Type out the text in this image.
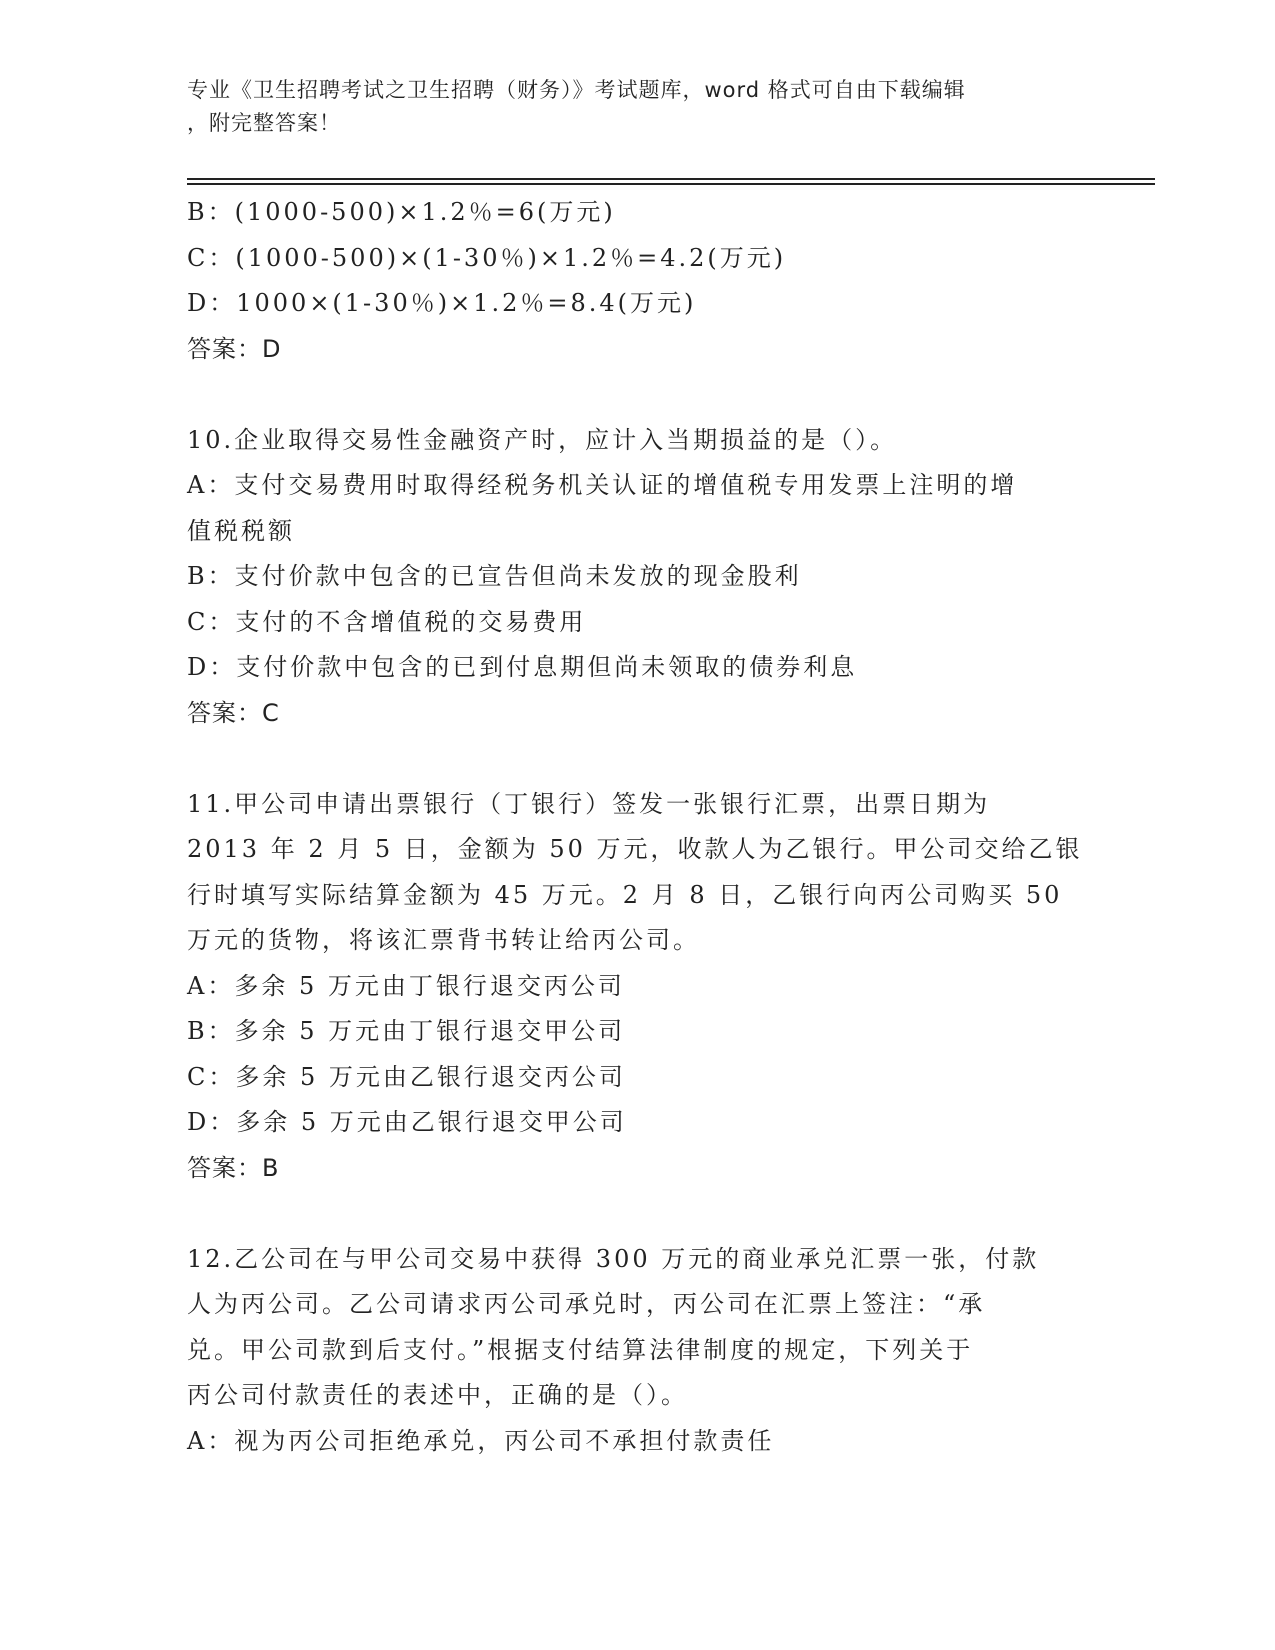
专业《卫生招聘考试之卫生招聘（财务）》考试题库，word 格式可自由下载编辑
，附完整答案！
B：(1000-500)×1.2％=6(万元)
C：(1000-500)×(1-30％)×1.2％=4.2(万元)
D：1000×(1-30％)×1.2％=8.4(万元)
答案：D
10.企业取得交易性金融资产时，应计入当期损益的是（）。
A：支付交易费用时取得经税务机关认证的增值税专用发票上注明的增
值税税额
B：支付价款中包含的已宣告但尚未发放的现金股利
C：支付的不含增值税的交易费用
D：支付价款中包含的已到付息期但尚未领取的债券利息
答案：C
11.甲公司申请出票银行（丁银行）签发一张银行汇票，出票日期为
2013 年 2 月 5 日，金额为 50 万元，收款人为乙银行。甲公司交给乙银
行时填写实际结算金额为 45 万元。2 月 8 日，乙银行向丙公司购买 50
万元的货物，将该汇票背书转让给丙公司。
A：多余 5 万元由丁银行退交丙公司
B：多余 5 万元由丁银行退交甲公司
C：多余 5 万元由乙银行退交丙公司
D：多余 5 万元由乙银行退交甲公司
答案：B
12.乙公司在与甲公司交易中获得 300 万元的商业承兑汇票一张，付款
人为丙公司。乙公司请求丙公司承兑时，丙公司在汇票上签注：“承
兑。甲公司款到后支付。”根据支付结算法律制度的规定，下列关于
丙公司付款责任的表述中，正确的是（）。
A：视为丙公司拒绝承兑，丙公司不承担付款责任
